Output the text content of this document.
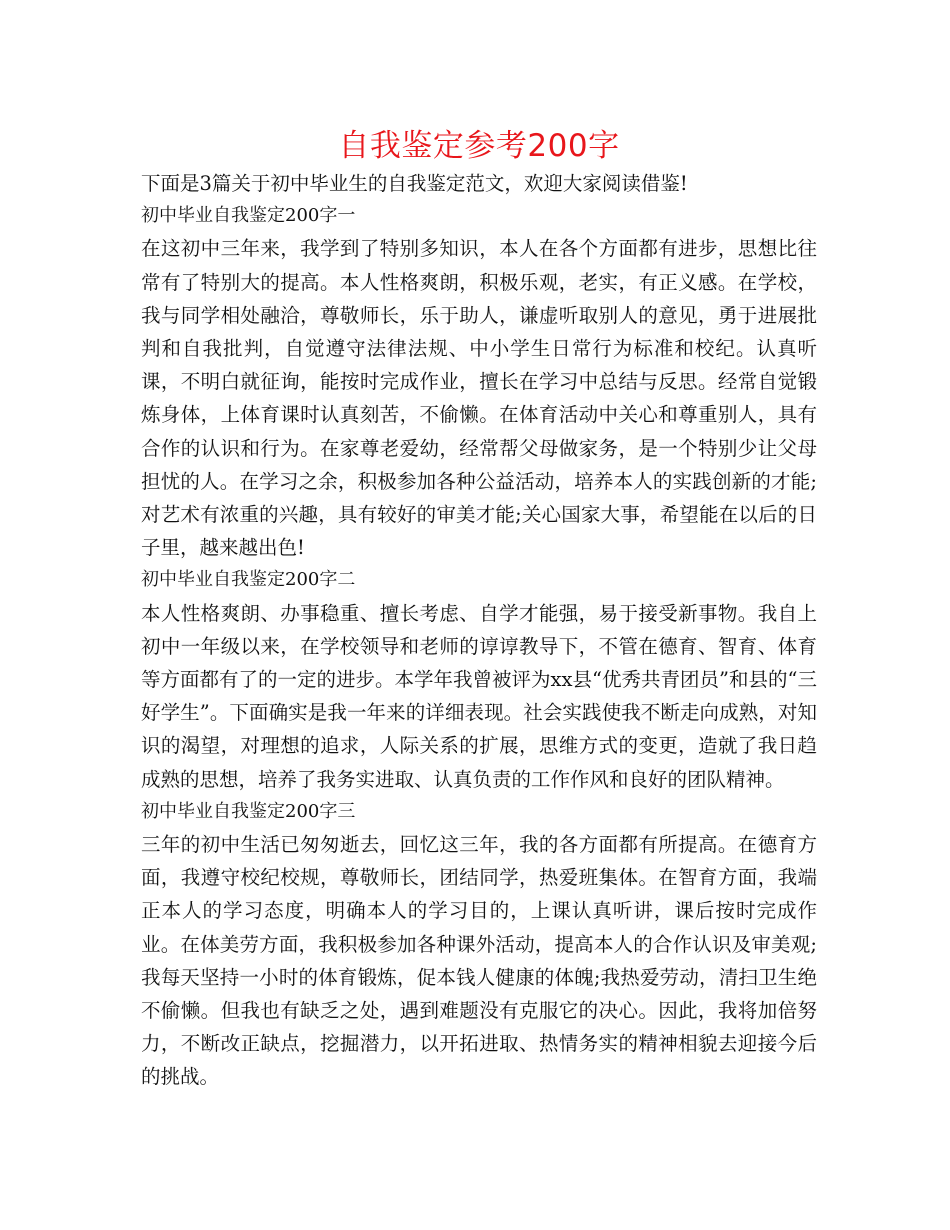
自我鉴定参考200字

下面是3篇关于初中毕业生的自我鉴定范文，欢迎大家阅读借鉴!

初中毕业自我鉴定200字一

在这初中三年来，我学到了特别多知识，本人在各个方面都有进步，思想比往常有了特别大的提高。本人性格爽朗，积极乐观，老实，有正义感。在学校，我与同学相处融洽，尊敬师长，乐于助人，谦虚听取别人的意见，勇于进展批判和自我批判，自觉遵守法律法规、中小学生日常行为标准和校纪。认真听课，不明白就征询，能按时完成作业，擅长在学习中总结与反思。经常自觉锻炼身体，上体育课时认真刻苦，不偷懒。在体育活动中关心和尊重别人，具有合作的认识和行为。在家尊老爱幼，经常帮父母做家务，是一个特别少让父母担忧的人。在学习之余，积极参加各种公益活动，培养本人的实践创新的才能;对艺术有浓重的兴趣，具有较好的审美才能;关心国家大事，希望能在以后的日子里，越来越出色!

初中毕业自我鉴定200字二

本人性格爽朗、办事稳重、擅长考虑、自学才能强，易于接受新事物。我自上初中一年级以来，在学校领导和老师的谆谆教导下，不管在德育、智育、体育等方面都有了的一定的进步。本学年我曾被评为xx县“优秀共青团员”和县的“三好学生”。下面确实是我一年来的详细表现。社会实践使我不断走向成熟，对知识的渴望，对理想的追求，人际关系的扩展，思维方式的变更，造就了我日趋成熟的思想，培养了我务实进取、认真负责的工作作风和良好的团队精神。

初中毕业自我鉴定200字三

三年的初中生活已匆匆逝去，回忆这三年，我的各方面都有所提高。在德育方面，我遵守校纪校规，尊敬师长，团结同学，热爱班集体。在智育方面，我端正本人的学习态度，明确本人的学习目的，上课认真听讲，课后按时完成作业。在体美劳方面，我积极参加各种课外活动，提高本人的合作认识及审美观;我每天坚持一小时的体育锻炼，促本钱人健康的体魄;我热爱劳动，清扫卫生绝不偷懒。但我也有缺乏之处，遇到难题没有克服它的决心。因此，我将加倍努力，不断改正缺点，挖掘潜力，以开拓进取、热情务实的精神相貌去迎接今后的挑战。
